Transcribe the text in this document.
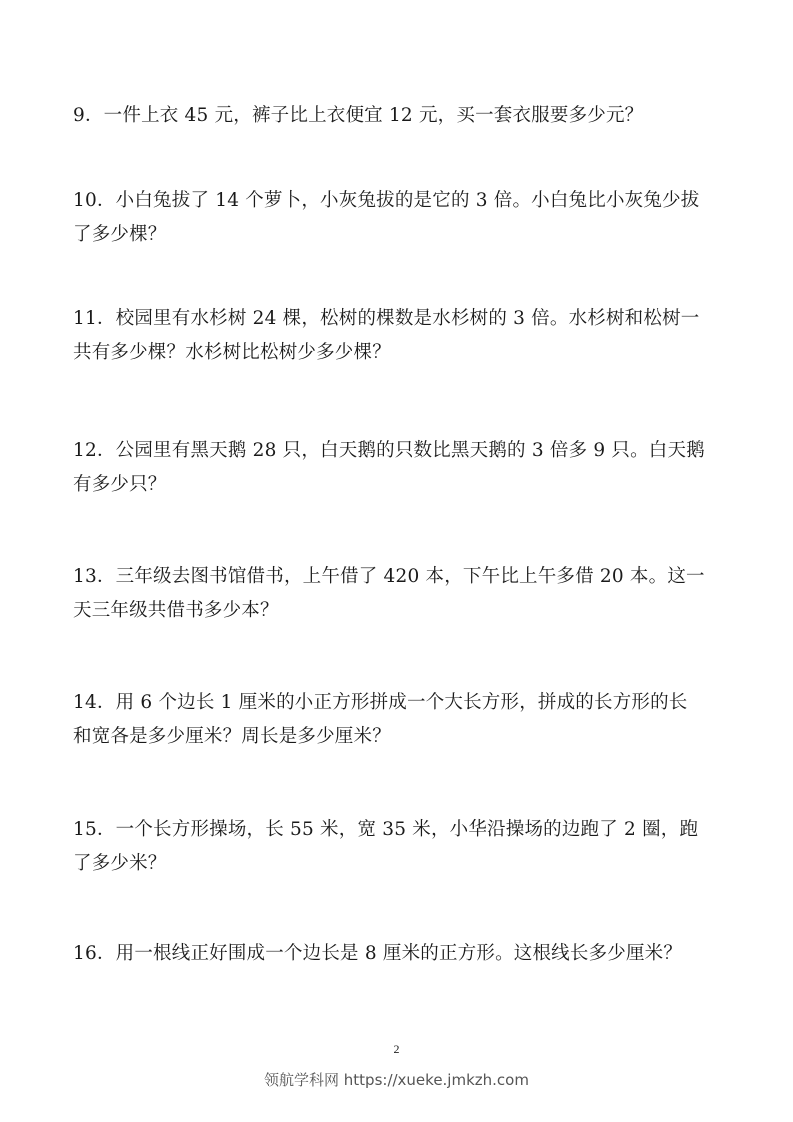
9．一件上衣 45 元，裤子比上衣便宜 12 元，买一套衣服要多少元？
10．小白兔拔了 14 个萝卜，小灰兔拔的是它的 3 倍。小白兔比小灰兔少拔
了多少棵？
11．校园里有水杉树 24 棵，松树的棵数是水杉树的 3 倍。水杉树和松树一
共有多少棵？水杉树比松树少多少棵？
12．公园里有黑天鹅 28 只，白天鹅的只数比黑天鹅的 3 倍多 9 只。白天鹅
有多少只？
13．三年级去图书馆借书，上午借了 420 本，下午比上午多借 20 本。这一
天三年级共借书多少本？
14．用 6 个边长 1 厘米的小正方形拼成一个大长方形，拼成的长方形的长
和宽各是多少厘米？周长是多少厘米？
15．一个长方形操场，长 55 米，宽 35 米，小华沿操场的边跑了 2 圈，跑
了多少米？
16．用一根线正好围成一个边长是 8 厘米的正方形。这根线长多少厘米？
2
领航学科网 https://xueke.jmkzh.com
